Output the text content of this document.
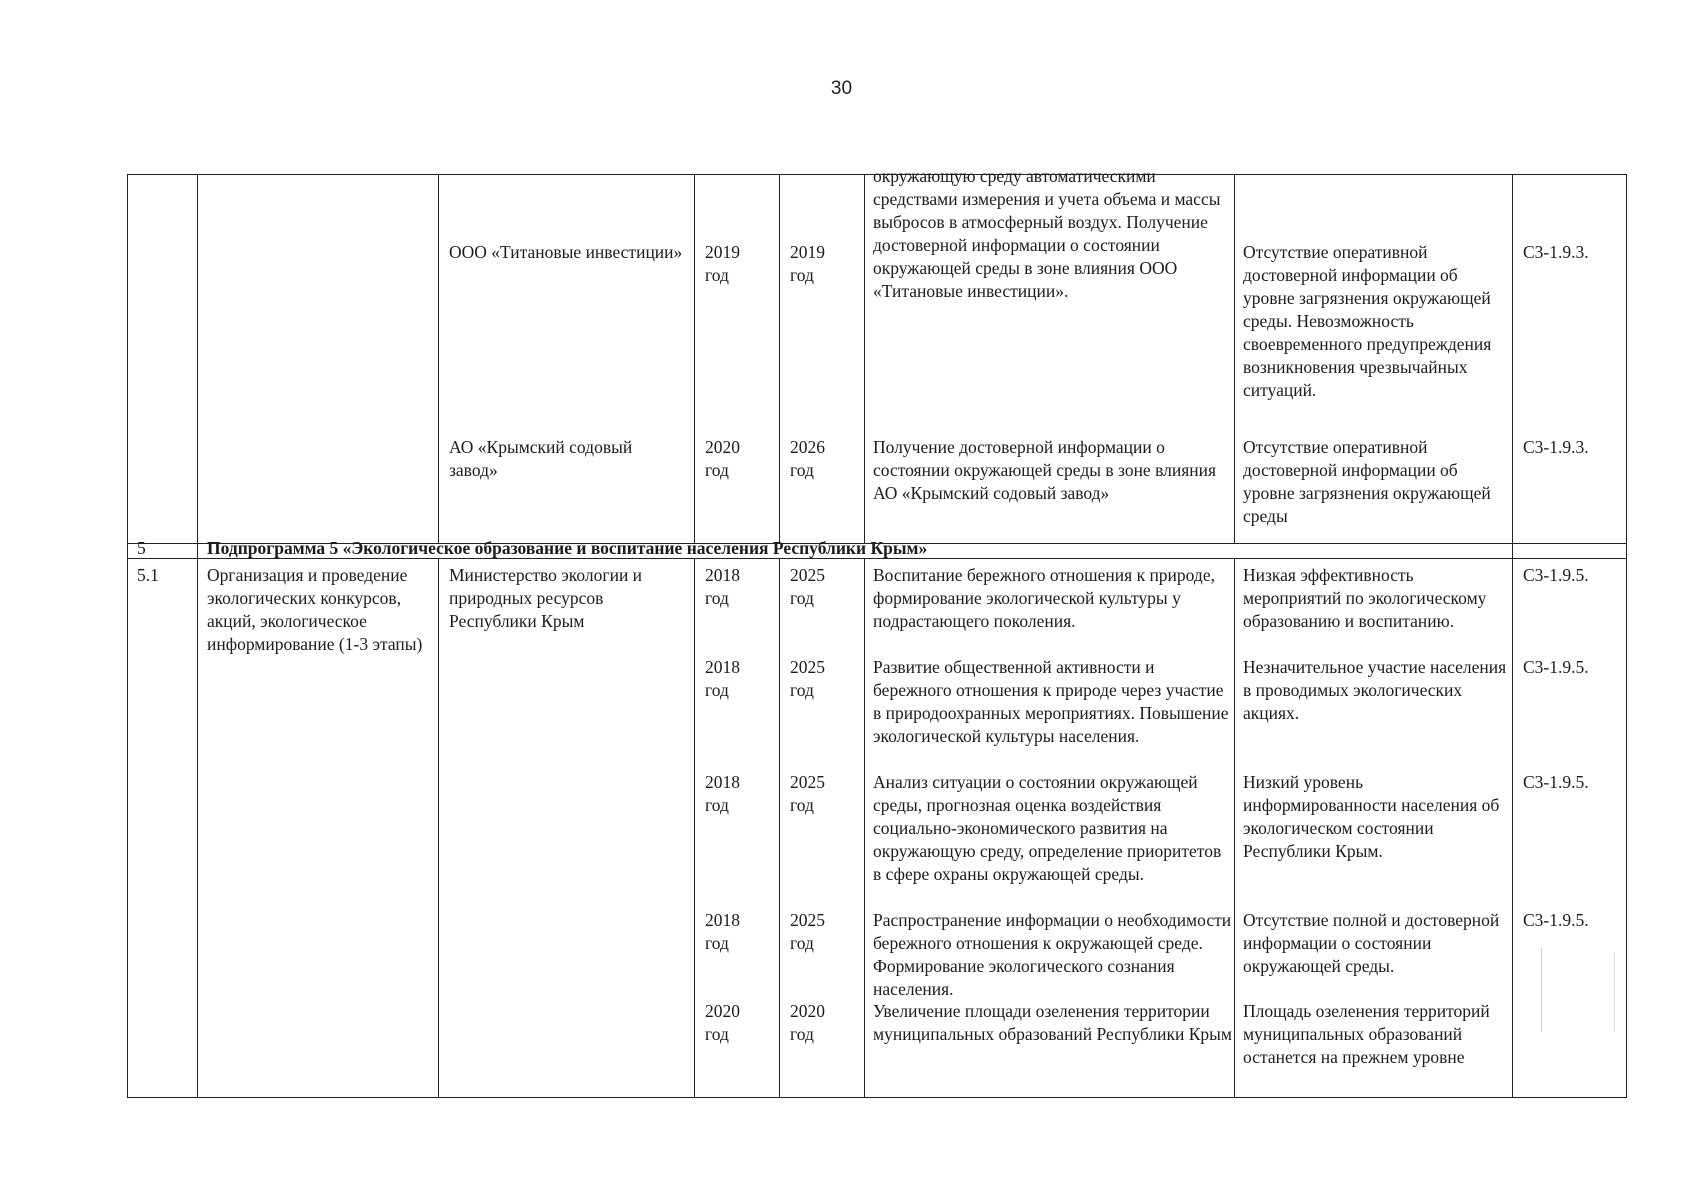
30
ООО «Титановые инвестиции» 2019
год
2019
год
окружающую среду автоматическими средствами измерения и учета объема и массы выбросов в атмосферный воздух. Получение достоверной информации о состоянии окружающей среды в зоне влияния ООО «Титановые инвестиции».
Отсутствие оперативной достоверной информации об уровне загрязнения окружающей среды. Невозможность своевременного предупреждения возникновения чрезвычайных ситуаций.
С3-1.9.3.
АО «Крымский содовый завод»
2020
год
2026
год
Получение достоверной информации о состоянии окружающей среды в зоне влияния АО «Крымский содовый завод»
Отсутствие оперативной достоверной информации об уровне загрязнения окружающей среды
С3-1.9.3.
5	Подпрограмма 5 «Экологическое образование и воспитание населения Республики Крым»
5.1	Организация и проведение экологических конкурсов, акций, экологическое информирование (1-3 этапы)
Министерство экологии и природных ресурсов Республики Крым
2018
год
2025
год
Воспитание бережного отношения к природе, формирование экологической культуры у подрастающего поколения.
Низкая эффективность мероприятий по экологическому образованию и воспитанию.
С3-1.9.5.
2018
год
2025
год
Развитие общественной активности и бережного отношения к природе через участие в природоохранных мероприятиях. Повышение экологической культуры населения.
Незначительное участие населения в проводимых экологических акциях.
С3-1.9.5.
2018
год
2025
год
Анализ ситуации о состоянии окружающей среды, прогнозная оценка воздействия социально-экономического развития на окружающую среду, определение приоритетов в сфере охраны окружающей среды.
Низкий уровень информированности населения об экологическом состоянии Республики Крым.
С3-1.9.5.
2018
год
2025
год
Распространение информации о необходимости бережного отношения к окружающей среде. Формирование экологического сознания населения.
Отсутствие полной и достоверной информации о состоянии окружающей среды.
С3-1.9.5.
2020
год
2020
год
Увеличение площади озеленения территории муниципальных образований Республики Крым
Площадь озеленения территорий муниципальных образований останется на прежнем уровне
